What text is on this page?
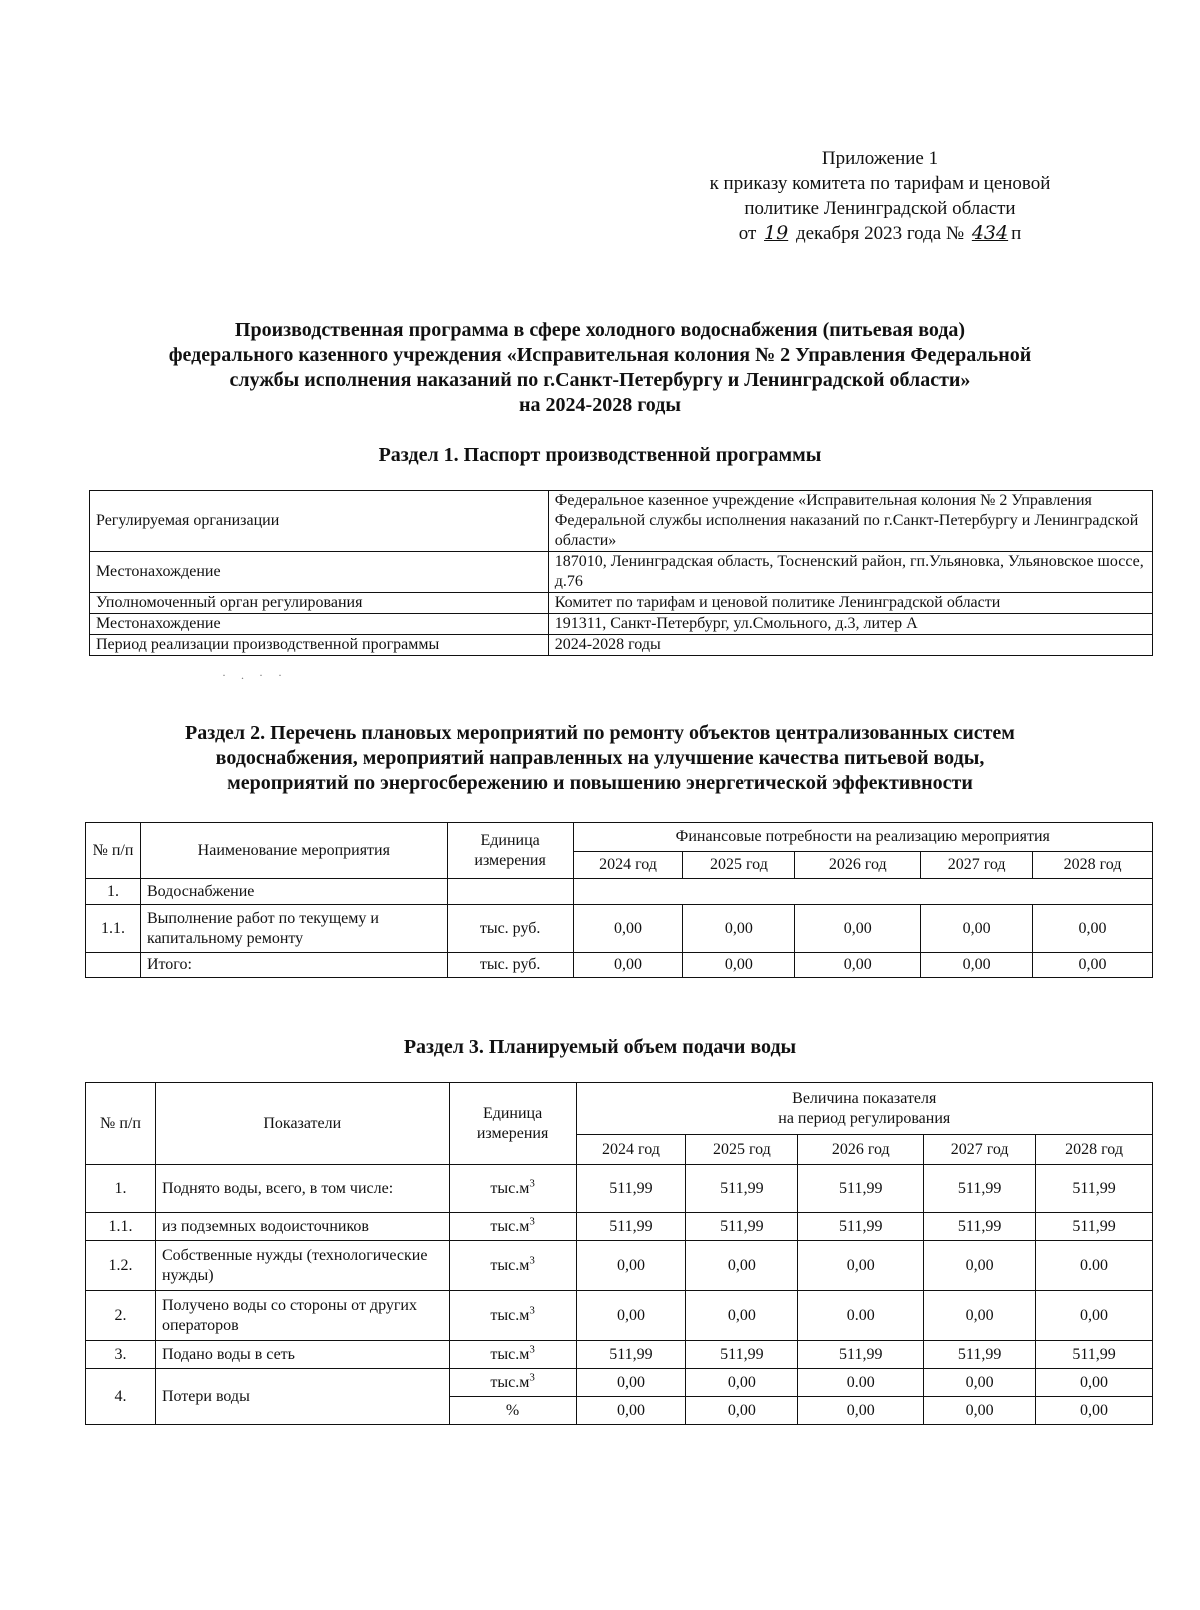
Приложение 1
к приказу комитета по тарифам и ценовой
политике Ленинградской области
от 19 декабря 2023 года № 434 п
Производственная программа в сфере холодного водоснабжения (питьевая вода)
федерального казенного учреждения «Исправительная колония № 2 Управления Федеральной
службы исполнения наказаний по г.Санкт-Петербургу и Ленинградской области»
на 2024-2028 годы
Раздел 1. Паспорт производственной программы
Регулируемая организации	Федеральное казенное учреждение «Исправительная колония № 2 Управления Федеральной службы исполнения наказаний по г.Санкт-Петербургу и Ленинградской области»
Местонахождение	187010, Ленинградская область, Тосненский район, гп.Ульяновка, Ульяновское шоссе, д.76
Уполномоченный орган регулирования	Комитет по тарифам и ценовой политике Ленинградской области
Местонахождение	191311, Санкт-Петербург, ул.Смольного, д.3, литер А
Период реализации производственной программы	2024-2028 годы
· . · ·
Раздел 2. Перечень плановых мероприятий по ремонту объектов централизованных систем
водоснабжения, мероприятий направленных на улучшение качества питьевой воды,
мероприятий по энергосбережению и повышению энергетической эффективности
№ п/п	Наименование мероприятия	Единица измерения	Финансовые потребности на реализацию мероприятия				
			2024 год	2025 год	2026 год	2027 год	2028 год
1.	Водоснабжение						
1.1.	Выполнение работ по текущему и капитальному ремонту	тыс. руб.	0,00	0,00	0,00	0,00	0,00
	Итого:	тыс. руб.	0,00	0,00	0,00	0,00	0,00
Раздел 3. Планируемый объем подачи воды
№ п/п	Показатели	Единица измерения	Величина показателя
на период регулирования				

			2024 год	2025 год	2026 год	2027 год	2028 год
1.	Поднято воды, всего, в том числе:	$тыс.м^3$	511,99	511,99	511,99	511,99	511,99
1.1.	из подземных водоисточников	$тыс.м^3$	511,99	511,99	511,99	511,99	511,99
1.2.	Собственные нужды (технологические нужды)	$тыс.м^3$	0,00	0,00	0,00	0,00	0.00
2.	Получено воды со стороны от других операторов	$тыс.м^3$	0,00	0,00	0.00	0,00	0,00
3.	Подано воды в сеть	$тыс.м^3$	511,99	511,99	511,99	511,99	511,99
4.	Потери воды	$тыс.м^3$	0,00	0,00	0.00	0,00	0,00
		%	0,00	0,00	0,00	0,00	0,00
